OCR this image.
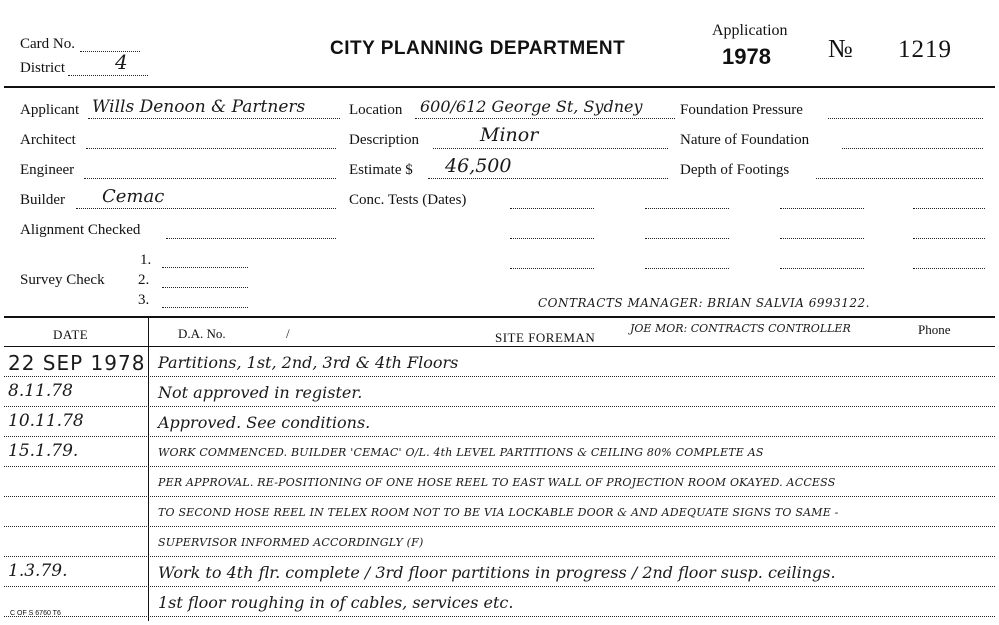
Card No.
District	4
CITY PLANNING DEPARTMENT
Application
1978 № 1219
Applicant Wills Denoon & Partners
Architect
Engineer
Builder Cemac
Alignment Checked
Survey Check
1.
2.
3.
Location 600/612 George St, Sydney
Description	Minor
Estimate $ 46,500
Conc. Tests (Dates)
Foundation Pressure
Nature of Foundation
Depth of Footings
CONTRACTS MANAGER: BRIAN SALVIA 6993122.
DATE	D.A. No.	/	SITE FOREMAN
JOE MOR: CONTRACTS CONTROLLER	Phone
22 SEP 1978 Partitions, 1st, 2nd, 3rd & 4th Floors
8.11.78	Not approved in register.
10.11.78	Approved. See conditions.
15.1.79.	WORK COMMENCED. BUILDER 'CEMAC' O/L. 4th LEVEL PARTITIONS & CEILING 80% COMPLETE AS
PER APPROVAL. RE-POSITIONING OF ONE HOSE REEL TO EAST WALL OF PROJECTION ROOM OKAYED. ACCESS
TO SECOND HOSE REEL IN TELEX ROOM NOT TO BE VIA LOCKABLE DOOR & AND ADEQUATE SIGNS TO SAME -
SUPERVISOR INFORMED ACCORDINGLY (F)
1.3.79.	Work to 4th flr. complete / 3rd floor partitions in progress / 2nd floor susp. ceilings.
1st floor roughing in of cables, services etc.
C OF S 6760 T6
